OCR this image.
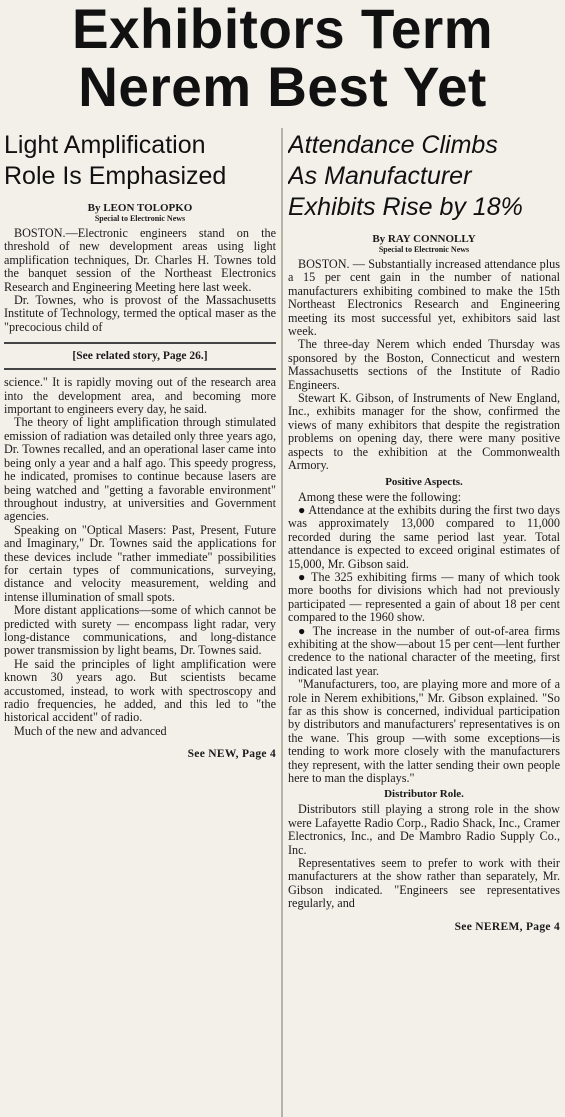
Exhibitors Term
Nerem Best Yet
Light Amplification
Role Is Emphasized
By LEON TOLOPKO
Special to Electronic News

BOSTON.—Electronic engineers stand on the threshold of new development areas using light amplification techniques, Dr. Charles H. Townes told the banquet session of the Northeast Electronics Research and Engineering Meeting here last week.

Dr. Townes, who is provost of the Massachusetts Institute of Technology, termed the optical maser as the "precocious child of

[See related story, Page 26.]

science." It is rapidly moving out of the research area into the development area, and becoming more important to engineers every day, he said.

The theory of light amplification through stimulated emission of radiation was detailed only three years ago, Dr. Townes recalled, and an operational laser came into being only a year and a half ago. This speedy progress, he indicated, promises to continue because lasers are being watched and "getting a favorable environment" throughout industry, at universities and Government agencies.

Speaking on "Optical Masers: Past, Present, Future and Imaginary," Dr. Townes said the applications for these devices include "rather immediate" possibilities for certain types of communications, surveying, distance and velocity measurement, welding and intense illumination of small spots.

More distant applications—some of which cannot be predicted with surety — encompass light radar, very long-distance communications, and long-distance power transmission by light beams, Dr. Townes said.

He said the principles of light amplification were known 30 years ago. But scientists became accustomed, instead, to work with spectroscopy and radio frequencies, he added, and this led to "the historical accident" of radio.

Much of the new and advanced

See NEW, Page 4
Attendance Climbs
As Manufacturer
Exhibits Rise by 18%
By RAY CONNOLLY
Special to Electronic News

BOSTON. — Substantially increased attendance plus a 15 per cent gain in the number of national manufacturers exhibiting combined to make the 15th Northeast Electronics Research and Engineering meeting its most successful yet, exhibitors said last week.

The three-day Nerem which ended Thursday was sponsored by the Boston, Connecticut and western Massachusetts sections of the Institute of Radio Engineers.

Stewart K. Gibson, of Instruments of New England, Inc., exhibits manager for the show, confirmed the views of many exhibitors that despite the registration problems on opening day, there were many positive aspects to the exhibition at the Commonwealth Armory.

Positive Aspects.

Among these were the following:

● Attendance at the exhibits during the first two days was approximately 13,000 compared to 11,000 recorded during the same period last year. Total attendance is expected to exceed original estimates of 15,000, Mr. Gibson said.

● The 325 exhibiting firms — many of which took more booths for divisions which had not previously participated — represented a gain of about 18 per cent compared to the 1960 show.

● The increase in the number of out-of-area firms exhibiting at the show—about 15 per cent—lent further credence to the national character of the meeting, first indicated last year.

"Manufacturers, too, are playing more and more of a role in Nerem exhibitions," Mr. Gibson explained. "So far as this show is concerned, individual participation by distributors and manufacturers' representatives is on the wane. This group —with some exceptions—is tending to work more closely with the manufacturers they represent, with the latter sending their own people here to man the displays."

Distributor Role.

Distributors still playing a strong role in the show were Lafayette Radio Corp., Radio Shack, Inc., Cramer Electronics, Inc., and De Mambro Radio Supply Co., Inc.

Representatives seem to prefer to work with their manufacturers at the show rather than separately, Mr. Gibson indicated. "Engineers see representatives regularly, and

See NEREM, Page 4
